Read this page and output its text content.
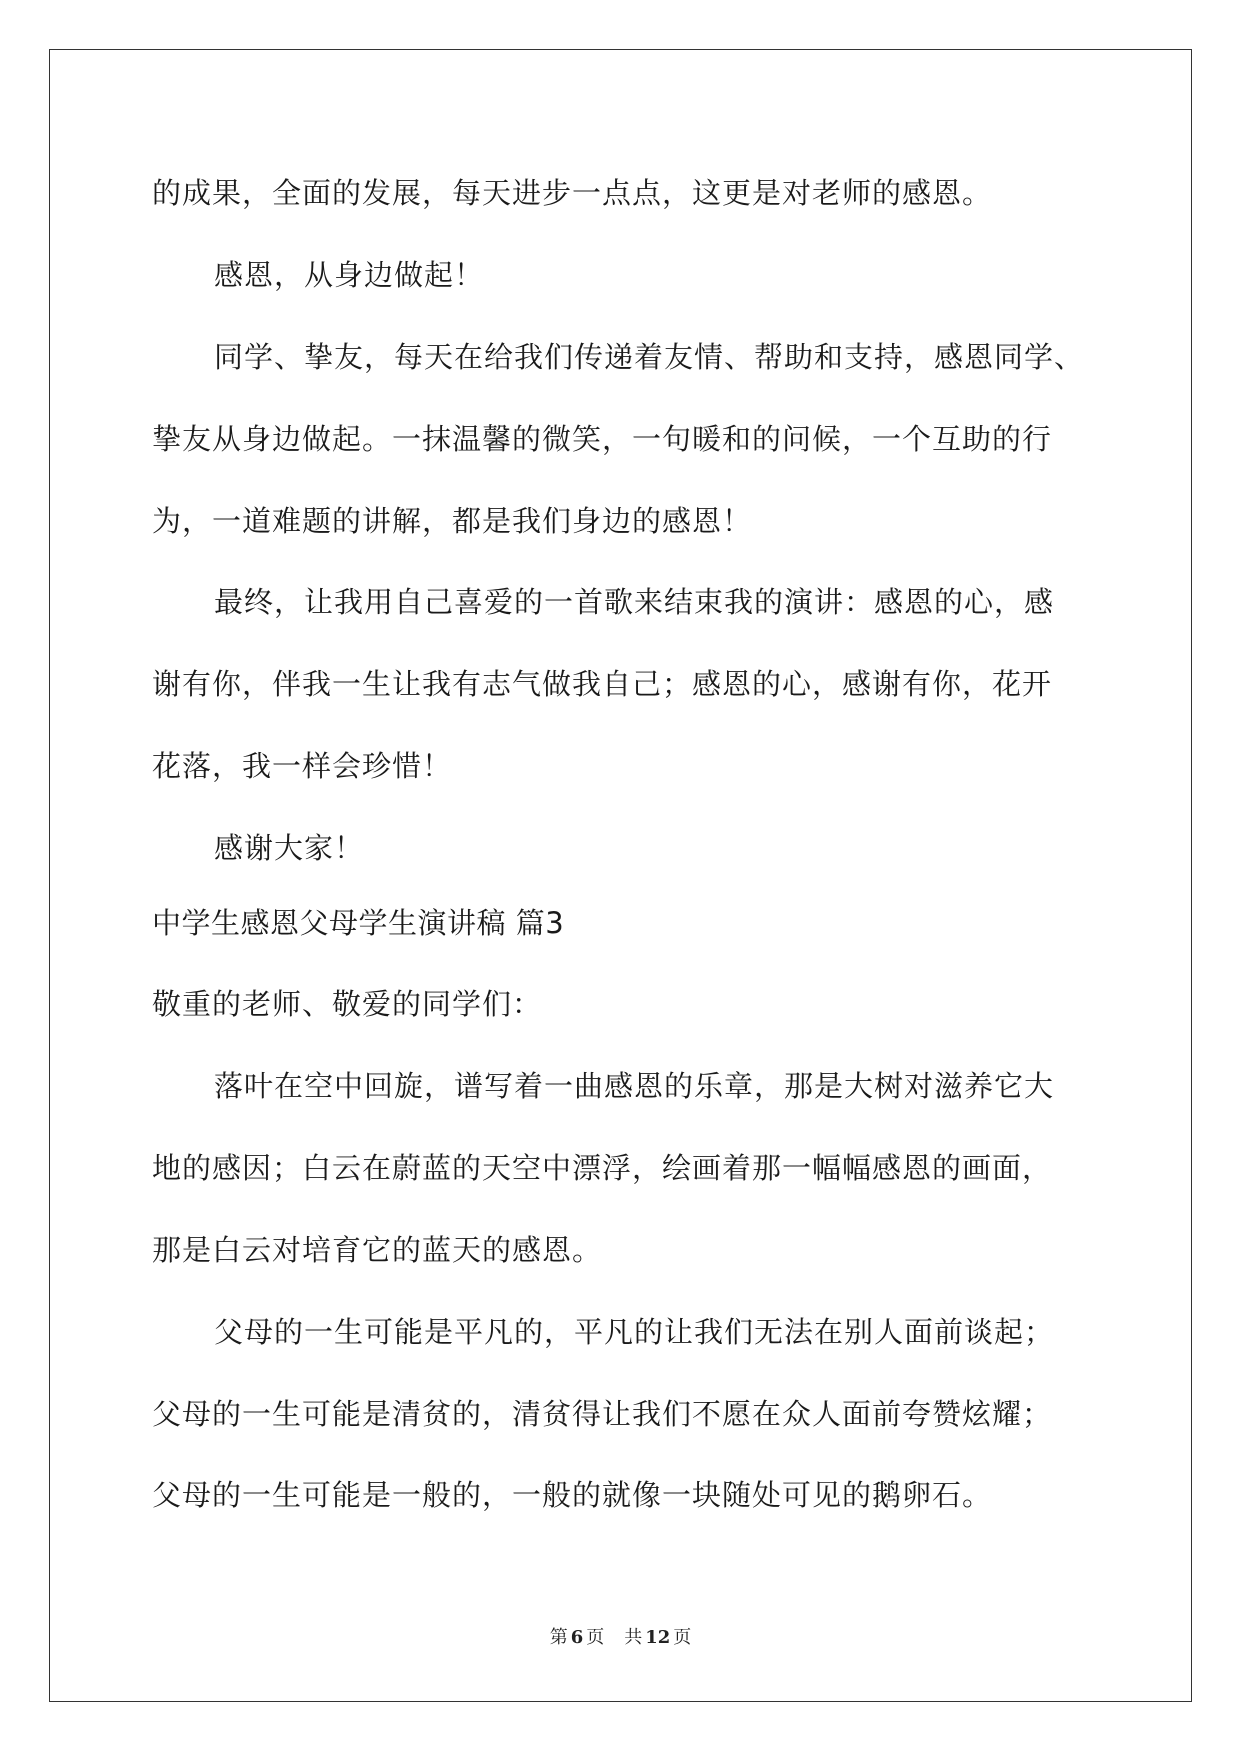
的成果，全面的发展，每天进步一点点，这更是对老师的感恩。
感恩，从身边做起！
同学、挚友，每天在给我们传递着友情、帮助和支持，感恩同学、
挚友从身边做起。一抹温馨的微笑，一句暖和的问候，一个互助的行
为，一道难题的讲解，都是我们身边的感恩！
最终，让我用自己喜爱的一首歌来结束我的演讲：感恩的心，感
谢有你，伴我一生让我有志气做我自己；感恩的心，感谢有你，花开
花落，我一样会珍惜！
感谢大家！
中学生感恩父母学生演讲稿 篇3
敬重的老师、敬爱的同学们：
落叶在空中回旋，谱写着一曲感恩的乐章，那是大树对滋养它大
地的感因；白云在蔚蓝的天空中漂浮，绘画着那一幅幅感恩的画面，
那是白云对培育它的蓝天的感恩。
父母的一生可能是平凡的，平凡的让我们无法在别人面前谈起；
父母的一生可能是清贫的，清贫得让我们不愿在众人面前夸赞炫耀；
父母的一生可能是一般的，一般的就像一块随处可见的鹅卵石。
第 6 页 共 12 页
